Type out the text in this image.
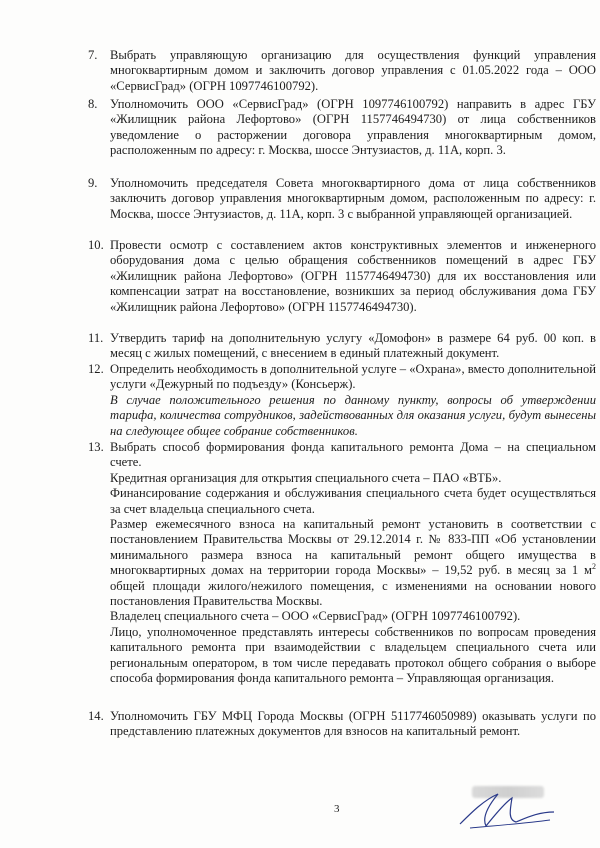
7. Выбрать управляющую организацию для осуществления функций управления многоквартирным домом и заключить договор управления с 01.05.2022 года – ООО «СервисГрад» (ОГРН 1097746100792).
8. Уполномочить ООО «СервисГрад» (ОГРН 1097746100792) направить в адрес ГБУ «Жилищник района Лефортово» (ОГРН 1157746494730) от лица собственников уведомление о расторжении договора управления многоквартирным домом, расположенным по адресу: г. Москва, шоссе Энтузиастов, д. 11А, корп. 3.
9. Уполномочить председателя Совета многоквартирного дома от лица собственников заключить договор управления многоквартирным домом, расположенным по адресу: г. Москва, шоссе Энтузиастов, д. 11А, корп. 3 с выбранной управляющей организацией.
10. Провести осмотр с составлением актов конструктивных элементов и инженерного оборудования дома с целью обращения собственников помещений в адрес ГБУ «Жилищник района Лефортово» (ОГРН 1157746494730) для их восстановления или компенсации затрат на восстановление, возникших за период обслуживания дома ГБУ «Жилищник района Лефортово» (ОГРН 1157746494730).
11. Утвердить тариф на дополнительную услугу «Домофон» в размере 64 руб. 00 коп. в месяц с жилых помещений, с внесением в единый платежный документ.
12. Определить необходимость в дополнительной услуге – «Охрана», вместо дополнительной услуги «Дежурный по подъезду» (Консьерж).
В случае положительного решения по данному пункту, вопросы об утверждении тарифа, количества сотрудников, задействованных для оказания услуги, будут вынесены на следующее общее собрание собственников.
13. Выбрать способ формирования фонда капитального ремонта Дома – на специальном счете.
Кредитная организация для открытия специального счета – ПАО «ВТБ».
Финансирование содержания и обслуживания специального счета будет осуществляться за счет владельца специального счета.
Размер ежемесячного взноса на капитальный ремонт установить в соответствии с постановлением Правительства Москвы от 29.12.2014 г. № 833-ПП «Об установлении минимального размера взноса на капитальный ремонт общего имущества в многоквартирных домах на территории города Москвы» – 19,52 руб. в месяц за 1 $м^2$ общей площади жилого/нежилого помещения, с изменениями на основании нового постановления Правительства Москвы.
Владелец специального счета – ООО «СервисГрад» (ОГРН 1097746100792).
Лицо, уполномоченное представлять интересы собственников по вопросам проведения капитального ремонта при взаимодействии с владельцем специального счета или региональным оператором, в том числе передавать протокол общего собрания о выборе способа формирования фонда капитального ремонта – Управляющая организация.
14. Уполномочить ГБУ МФЦ Города Москвы (ОГРН 5117746050989) оказывать услуги по представлению платежных документов для взносов на капитальный ремонт.
3
